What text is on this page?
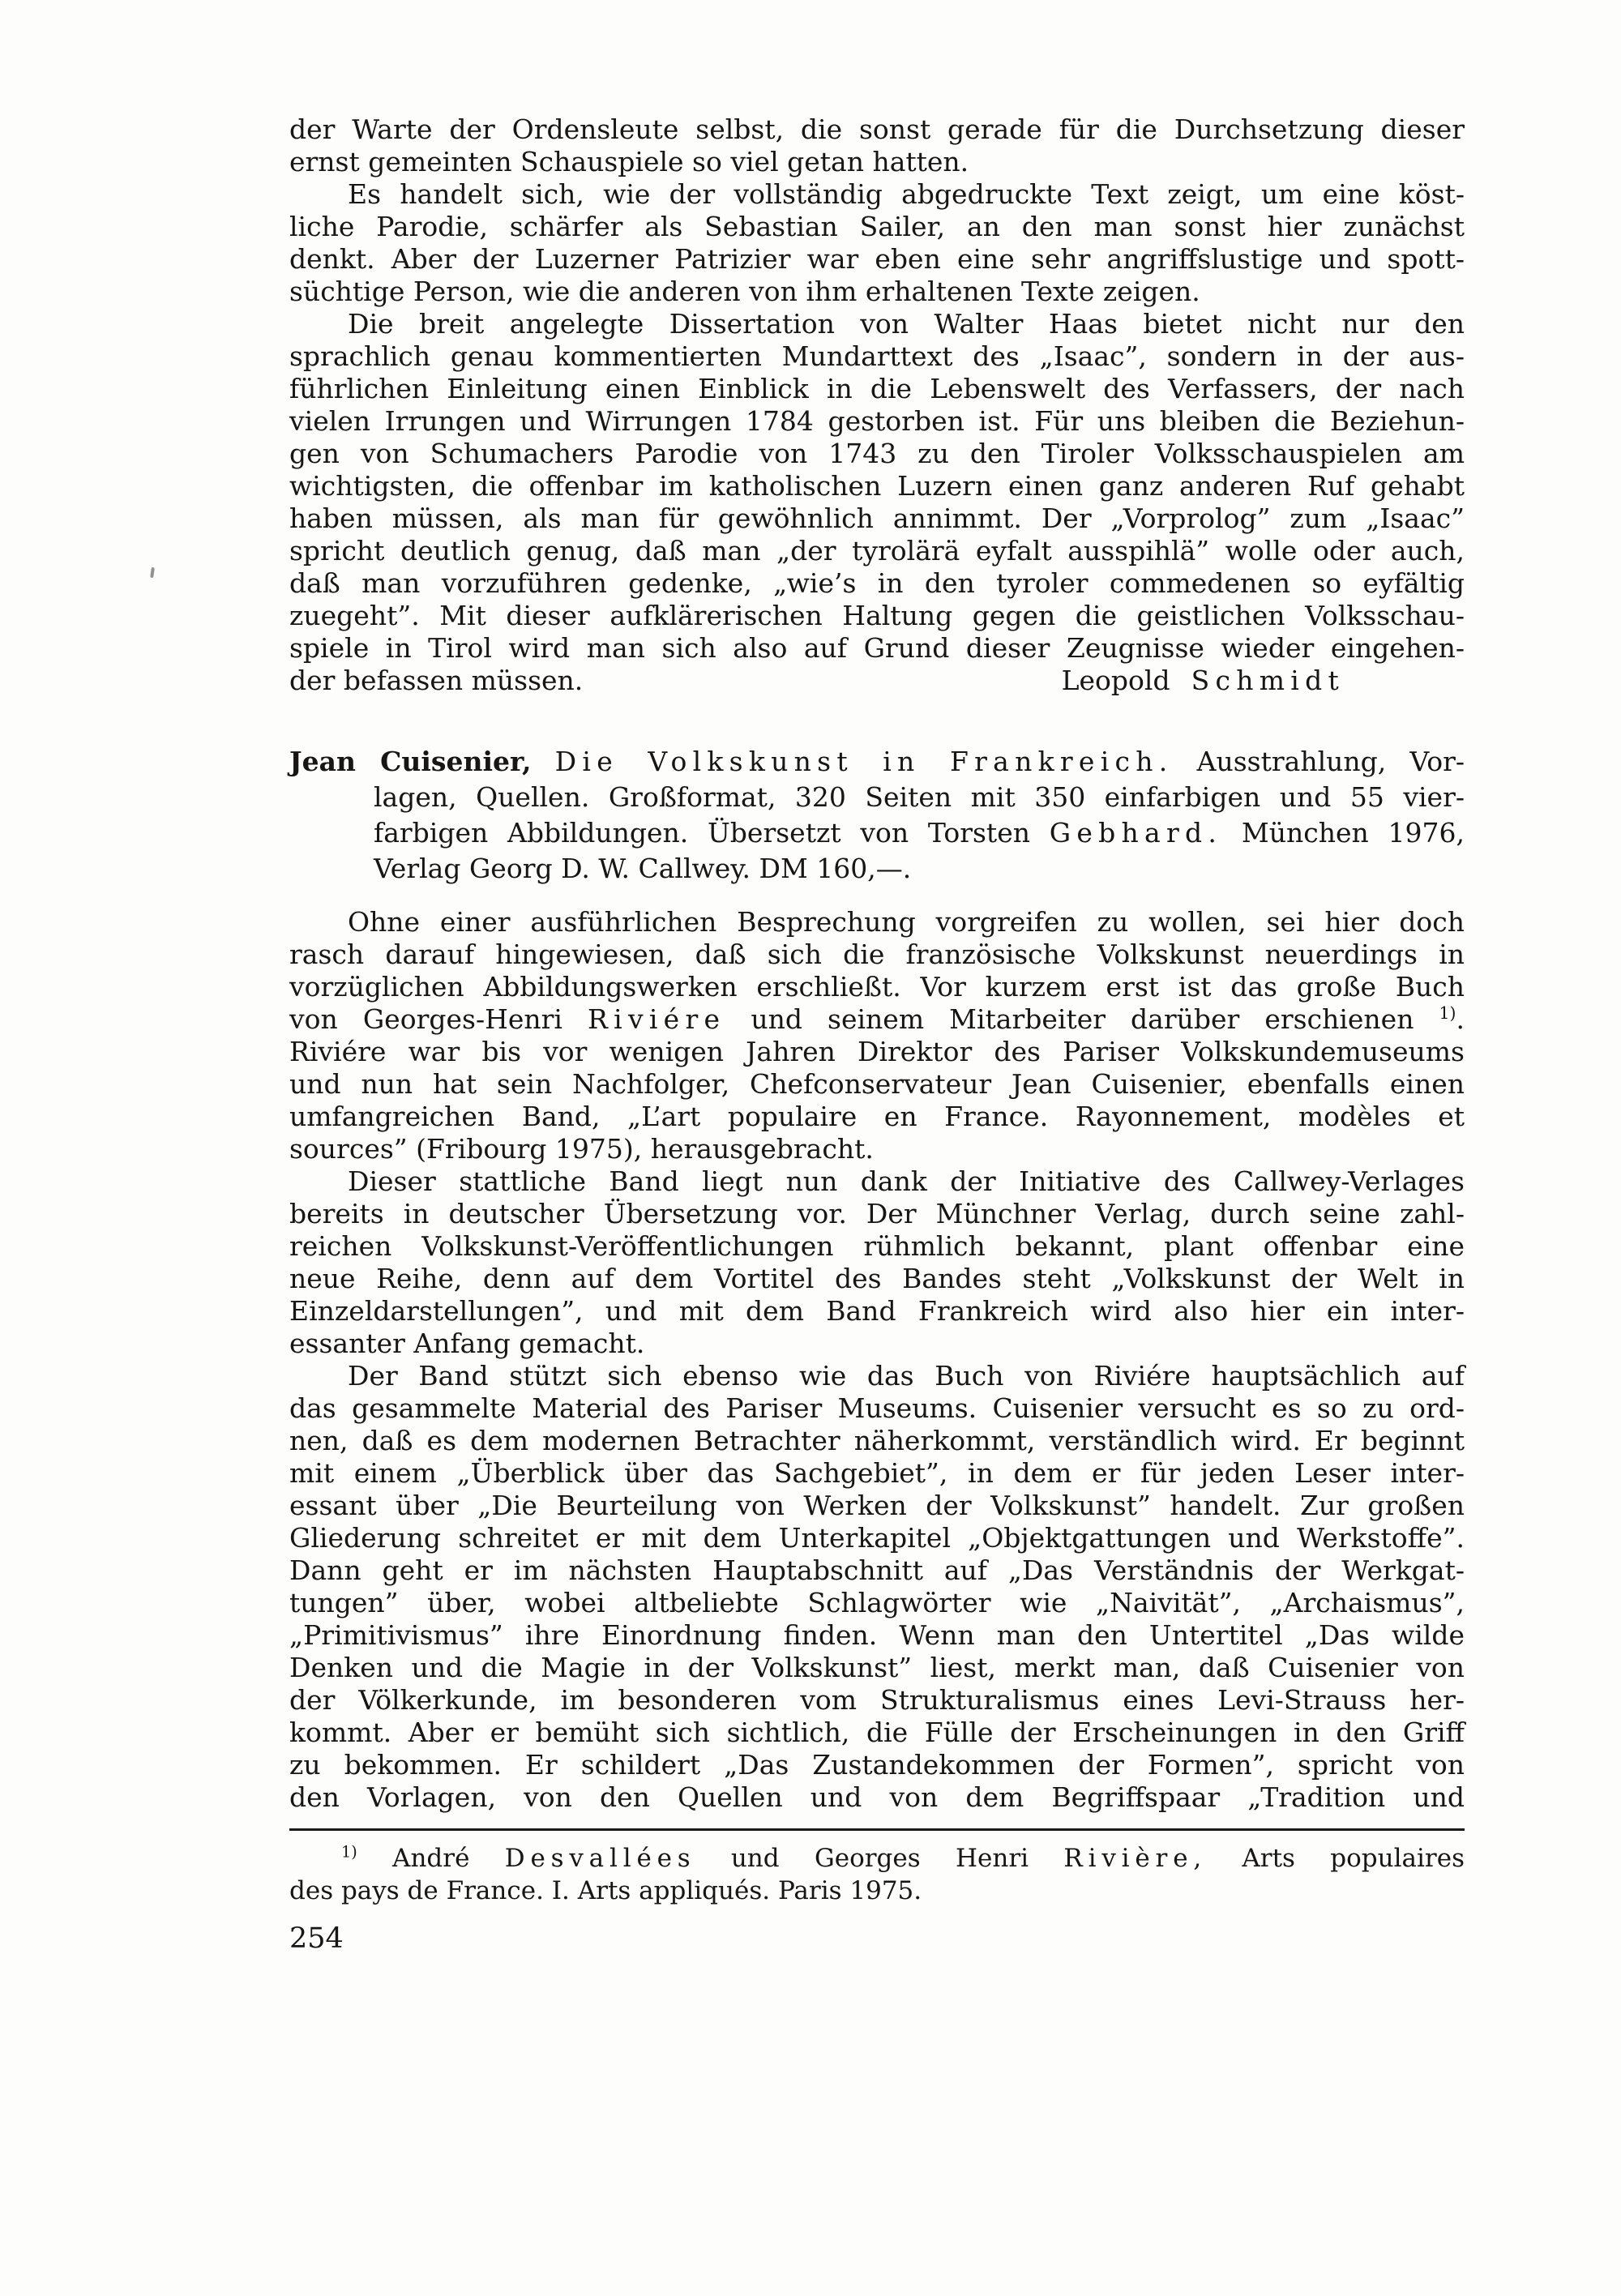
der Warte der Ordensleute selbst, die sonst gerade für die Durchsetzung dieser
ernst gemeinten Schauspiele so viel getan hatten.
Es handelt sich, wie der vollständig abgedruckte Text zeigt, um eine köst-
liche Parodie, schärfer als Sebastian Sailer, an den man sonst hier zunächst
denkt. Aber der Luzerner Patrizier war eben eine sehr angriffslustige und spott-
süchtige Person, wie die anderen von ihm erhaltenen Texte zeigen.
Die breit angelegte Dissertation von Walter Haas bietet nicht nur den
sprachlich genau kommentierten Mundarttext des „Isaac”, sondern in der aus-
führlichen Einleitung einen Einblick in die Lebenswelt des Verfassers, der nach
vielen Irrungen und Wirrungen 1784 gestorben ist. Für uns bleiben die Beziehun-
gen von Schumachers Parodie von 1743 zu den Tiroler Volksschauspielen am
wichtigsten, die offenbar im katholischen Luzern einen ganz anderen Ruf gehabt
haben müssen, als man für gewöhnlich annimmt. Der „Vorprolog” zum „Isaac”
spricht deutlich genug, daß man „der tyrolärä eyfalt ausspihlä” wolle oder auch,
daß man vorzuführen gedenke, „wie’s in den tyroler commedenen so eyfältig
zuegeht”. Mit dieser aufklärerischen Haltung gegen die geistlichen Volksschau-
spiele in Tirol wird man sich also auf Grund dieser Zeugnisse wieder eingehen-
der befassen müssen.	Leopold Schmidt
Jean Cuisenier, Die Volkskunst in Frankreich. Ausstrahlung, Vor-
lagen, Quellen. Großformat, 320 Seiten mit 350 einfarbigen und 55 vier-
farbigen Abbildungen. Übersetzt von Torsten Gebhard. München 1976,
Verlag Georg D. W. Callwey. DM 160,—.
Ohne einer ausführlichen Besprechung vorgreifen zu wollen, sei hier doch
rasch darauf hingewiesen, daß sich die französische Volkskunst neuerdings in
vorzüglichen Abbildungswerken erschließt. Vor kurzem erst ist das große Buch
von Georges-Henri Riviére und seinem Mitarbeiter darüber erschienen $^{1)}$.
Riviére war bis vor wenigen Jahren Direktor des Pariser Volkskundemuseums
und nun hat sein Nachfolger, Chefconservateur Jean Cuisenier, ebenfalls einen
umfangreichen Band, „L’art populaire en France. Rayonnement, modèles et
sources” (Fribourg 1975), herausgebracht.
Dieser stattliche Band liegt nun dank der Initiative des Callwey-Verlages
bereits in deutscher Übersetzung vor. Der Münchner Verlag, durch seine zahl-
reichen Volkskunst-Veröffentlichungen rühmlich bekannt, plant offenbar eine
neue Reihe, denn auf dem Vortitel des Bandes steht „Volkskunst der Welt in
Einzeldarstellungen”, und mit dem Band Frankreich wird also hier ein inter-
essanter Anfang gemacht.
Der Band stützt sich ebenso wie das Buch von Riviére hauptsächlich auf
das gesammelte Material des Pariser Museums. Cuisenier versucht es so zu ord-
nen, daß es dem modernen Betrachter näherkommt, verständlich wird. Er beginnt
mit einem „Überblick über das Sachgebiet”, in dem er für jeden Leser inter-
essant über „Die Beurteilung von Werken der Volkskunst” handelt. Zur großen
Gliederung schreitet er mit dem Unterkapitel „Objektgattungen und Werkstoffe”.
Dann geht er im nächsten Hauptabschnitt auf „Das Verständnis der Werkgat-
tungen” über, wobei altbeliebte Schlagwörter wie „Naivität”, „Archaismus”,
„Primitivismus” ihre Einordnung finden. Wenn man den Untertitel „Das wilde
Denken und die Magie in der Volkskunst” liest, merkt man, daß Cuisenier von
der Völkerkunde, im besonderen vom Strukturalismus eines Levi-Strauss her-
kommt. Aber er bemüht sich sichtlich, die Fülle der Erscheinungen in den Griff
zu bekommen. Er schildert „Das Zustandekommen der Formen”, spricht von
den Vorlagen, von den Quellen und von dem Begriffspaar „Tradition und
$^{1)}$ André Desvallées und Georges Henri Rivière, Arts populaires
des pays de France. I. Arts appliqués. Paris 1975.
254
